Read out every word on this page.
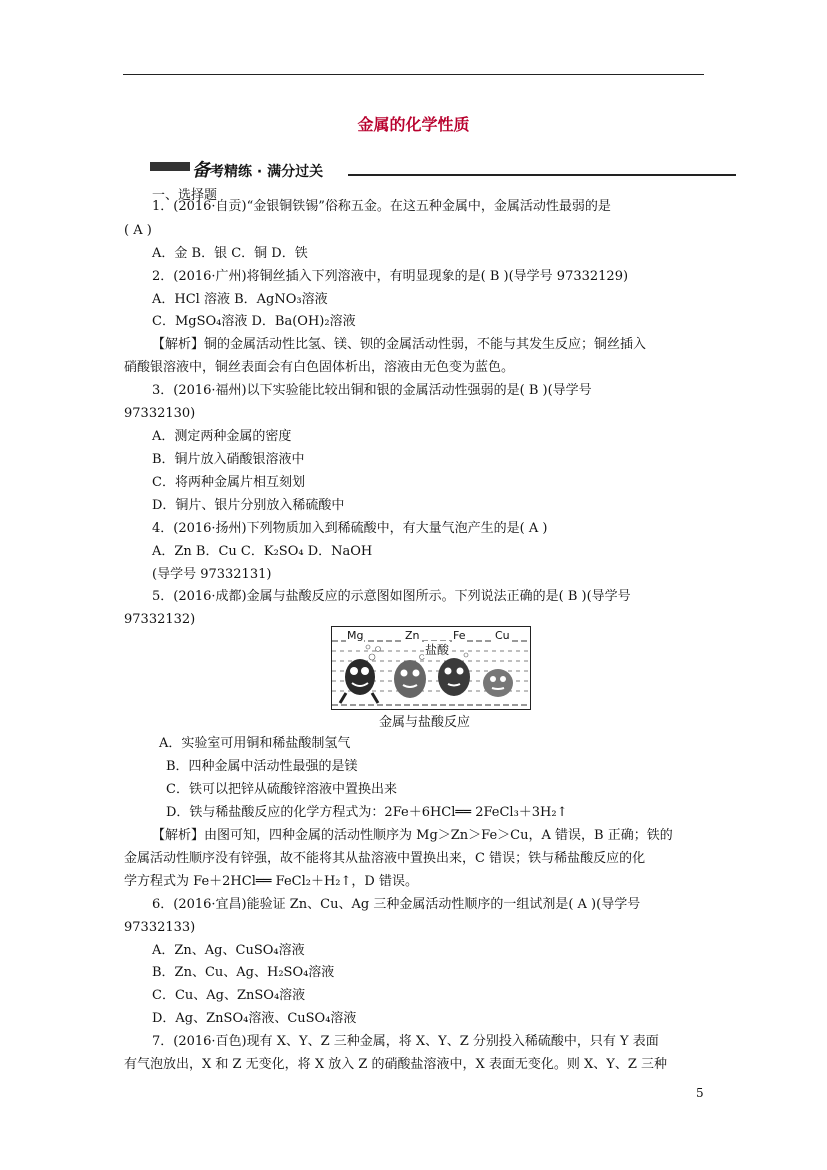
金属的化学性质
备考精练 · 满分过关
一、选择题
1．(2016·自贡)“金银铜铁锡”俗称五金。在这五种金属中，金属活动性最弱的是
( A )
A．金 B．银 C．铜 D．铁
2．(2016·广州)将铜丝插入下列溶液中，有明显现象的是( B )(导学号 97332129)
A．HCl 溶液 B．AgNO₃溶液
C．MgSO₄溶液 D．Ba(OH)₂溶液
【解析】铜的金属活动性比氢、镁、钡的金属活动性弱，不能与其发生反应；铜丝插入
硝酸银溶液中，铜丝表面会有白色固体析出，溶液由无色变为蓝色。
3．(2016·福州)以下实验能比较出铜和银的金属活动性强弱的是( B )(导学号
97332130)
A．测定两种金属的密度
B．铜片放入硝酸银溶液中
C．将两种金属片相互刻划
D．铜片、银片分别放入稀硫酸中
4．(2016·扬州)下列物质加入到稀硫酸中，有大量气泡产生的是( A )
A．Zn B．Cu C．K₂SO₄ D．NaOH
(导学号 97332131)
5．(2016·成都)金属与盐酸反应的示意图如图所示。下列说法正确的是( B )(导学号
97332132)
A．实验室可用铜和稀盐酸制氢气
B．四种金属中活动性最强的是镁
C．铁可以把锌从硫酸锌溶液中置换出来
D．铁与稀盐酸反应的化学方程式为：2Fe＋6HCl══ 2FeCl₃＋3H₂↑
【解析】由图可知，四种金属的活动性顺序为 Mg＞Zn＞Fe＞Cu，A 错误，B 正确；铁的
金属活动性顺序没有锌强，故不能将其从盐溶液中置换出来，C 错误；铁与稀盐酸反应的化
学方程式为 Fe＋2HCl══ FeCl₂＋H₂↑，D 错误。
6．(2016·宜昌)能验证 Zn、Cu、Ag 三种金属活动性顺序的一组试剂是( A )(导学号
97332133)
A．Zn、Ag、CuSO₄溶液
B．Zn、Cu、Ag、H₂SO₄溶液
C．Cu、Ag、ZnSO₄溶液
D．Ag、ZnSO₄溶液、CuSO₄溶液
7．(2016·百色)现有 X、Y、Z 三种金属，将 X、Y、Z 分别投入稀硫酸中，只有 Y 表面
有气泡放出，X 和 Z 无变化，将 X 放入 Z 的硝酸盐溶液中，X 表面无变化。则 X、Y、Z 三种
Mg	Zn	Fe	Cu
盐酸
金属与盐酸反应
5
